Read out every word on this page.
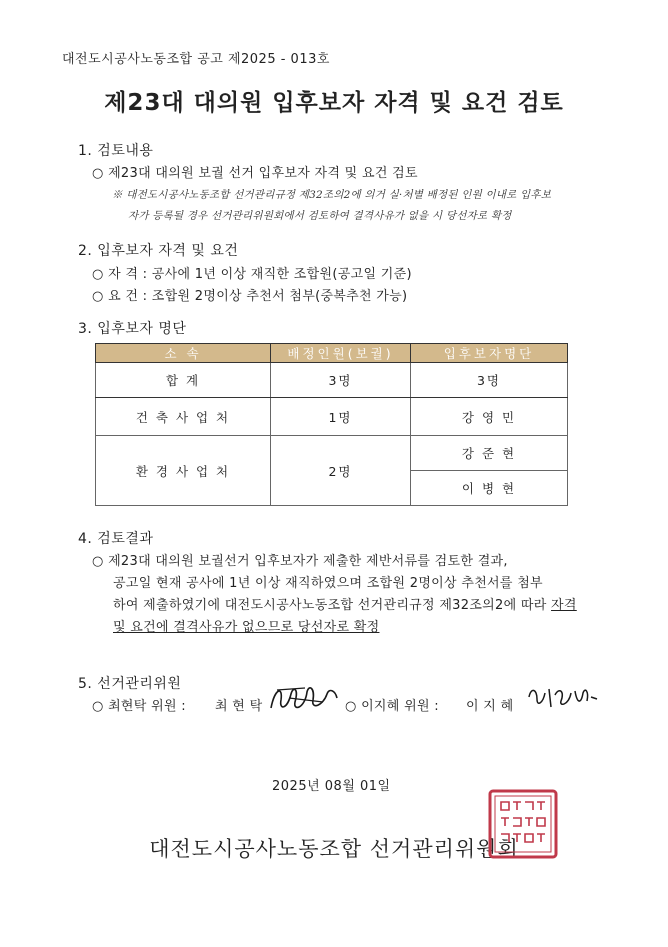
대전도시공사노동조합 공고 제2025 - 013호
제23대 대의원 입후보자 자격 및 요건 검토
1. 검토내용
○ 제23대 대의원 보궐 선거 입후보자 자격 및 요건 검토
※ 대전도시공사노동조합 선거관리규정 제32조의2에 의거 실·처별 배정된 인원 이내로 입후보
자가 등록될 경우 선거관리위원회에서 검토하여 결격사유가 없을 시 당선자로 확정
2. 입후보자 자격 및 요건
○ 자 격 : 공사에 1년 이상 재직한 조합원(공고일 기준)
○ 요 건 : 조합원 2명이상 추천서 첨부(중복추천 가능)
3. 입후보자 명단
소 속	배정인원(보궐)	입후보자명단
합 계	3명	3명
건 축 사 업 처	1명	강 영 민
환 경 사 업 처	2명	강 준 현
		이 병 현
4. 검토결과
○ 제23대 대의원 보궐선거 입후보자가 제출한 제반서류를 검토한 결과,
공고일 현재 공사에 1년 이상 재직하였으며 조합원 2명이상 추천서를 첨부
하여 제출하였기에 대전도시공사노동조합 선거관리규정 제32조의2에 따라 자격
및 요건에 결격사유가 없으므로 당선자로 확정
5. 선거관리위원
○ 최현탁 위원 : 최 현 탁	○ 이지혜 위원 : 이 지 혜
2025년 08월 01일
대전도시공사노동조합 선거관리위원회
